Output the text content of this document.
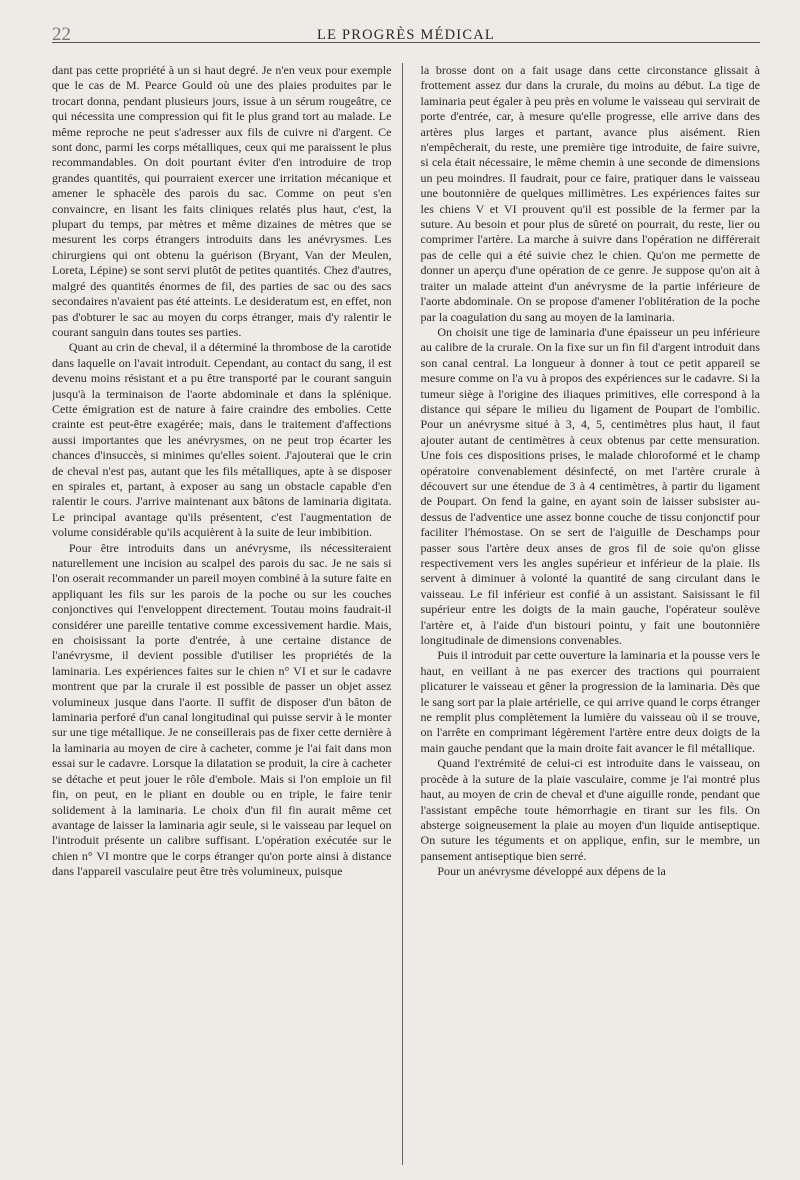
22	LE PROGRÈS MÉDICAL

dant pas cette propriété à un si haut degré. Je n'en veux pour exemple que le cas de M. Pearce Gould où une des plaies produites par le trocart donna, pendant plusieurs jours, issue à un sérum rougeâtre, ce qui nécessita une compression qui fit le plus grand tort au malade. Le même reproche ne peut s'adresser aux fils de cuivre ni d'argent. Ce sont donc, parmi les corps métalliques, ceux qui me paraissent le plus recommandables. On doit pourtant éviter d'en introduire de trop grandes quantités, qui pourraient exercer une irritation mécanique et amener le sphacèle des parois du sac. Comme on peut s'en convaincre, en lisant les faits cliniques relatés plus haut, c'est, la plupart du temps, par mètres et même dizaines de mètres que se mesurent les corps étrangers introduits dans les anévrysmes. Les chirurgiens qui ont obtenu la guérison (Bryant, Van der Meulen, Loreta, Lépine) se sont servi plutôt de petites quantités. Chez d'autres, malgré des quantités énormes de fil, des parties de sac ou des sacs secondaires n'avaient pas été atteints. Le desideratum est, en effet, non pas d'obturer le sac au moyen du corps étranger, mais d'y ralentir le courant sanguin dans toutes ses parties.

Quant au crin de cheval, il a déterminé la thrombose de la carotide dans laquelle on l'avait introduit. Cependant, au contact du sang, il est devenu moins résistant et a pu être transporté par le courant sanguin jusqu'à la terminaison de l'aorte abdominale et dans la splénique. Cette émigration est de nature à faire craindre des embolies. Cette crainte est peut-être exagérée; mais, dans le traitement d'affections aussi importantes que les anévrysmes, on ne peut trop écarter les chances d'insuccès, si minimes qu'elles soient. J'ajouterai que le crin de cheval n'est pas, autant que les fils métalliques, apte à se disposer en spirales et, partant, à exposer au sang un obstacle capable d'en ralentir le cours. J'arrive maintenant aux bâtons de laminaria digitata. Le principal avantage qu'ils présentent, c'est l'augmentation de volume considérable qu'ils acquièrent à la suite de leur imbibition.

Pour être introduits dans un anévrysme, ils nécessiteraient naturellement une incision au scalpel des parois du sac. Je ne sais si l'on oserait recommander un pareil moyen combiné à la suture faite en appliquant les fils sur les parois de la poche ou sur les couches conjonctives qui l'enveloppent directement. Toutau moins faudrait-il considérer une pareille tentative comme excessivement hardie. Mais, en choisissant la porte d'entrée, à une certaine distance de l'anévrysme, il devient possible d'utiliser les propriétés de la laminaria. Les expériences faites sur le chien n° VI et sur le cadavre montrent que par la crurale il est possible de passer un objet assez volumineux jusque dans l'aorte. Il suffit de disposer d'un bâton de laminaria perforé d'un canal longitudinal qui puisse servir à le monter sur une tige métallique. Je ne conseillerais pas de fixer cette dernière à la laminaria au moyen de cire à cacheter, comme je l'ai fait dans mon essai sur le cadavre. Lorsque la dilatation se produit, la cire à cacheter se détache et peut jouer le rôle d'embole. Mais si l'on emploie un fil fin, on peut, en le pliant en double ou en triple, le faire tenir solidement à la laminaria. Le choix d'un fil fin aurait même cet avantage de laisser la laminaria agir seule, si le vaisseau par lequel on l'introduit présente un calibre suffisant. L'opération exécutée sur le chien n° VI montre que le corps étranger qu'on porte ainsi à distance dans l'appareil vasculaire peut être très volumineux, puisque

la brosse dont on a fait usage dans cette circonstance glissait à frottement assez dur dans la crurale, du moins au début. La tige de laminaria peut égaler à peu près en volume le vaisseau qui servirait de porte d'entrée, car, à mesure qu'elle progresse, elle arrive dans des artères plus larges et partant, avance plus aisément. Rien n'empêcherait, du reste, une première tige introduite, de faire suivre, si cela était nécessaire, le même chemin à une seconde de dimensions un peu moindres. Il faudrait, pour ce faire, pratiquer dans le vaisseau une boutonnière de quelques millimètres. Les expériences faites sur les chiens V et VI prouvent qu'il est possible de la fermer par la suture. Au besoin et pour plus de sûreté on pourrait, du reste, lier ou comprimer l'artère. La marche à suivre dans l'opération ne différerait pas de celle qui a été suivie chez le chien. Qu'on me permette de donner un aperçu d'une opération de ce genre. Je suppose qu'on ait à traiter un malade atteint d'un anévrysme de la partie inférieure de l'aorte abdominale. On se propose d'amener l'oblitération de la poche par la coagulation du sang au moyen de la laminaria.

On choisit une tige de laminaria d'une épaisseur un peu inférieure au calibre de la crurale. On la fixe sur un fin fil d'argent introduit dans son canal central. La longueur à donner à tout ce petit appareil se mesure comme on l'a vu à propos des expériences sur le cadavre. Si la tumeur siège à l'origine des iliaques primitives, elle correspond à la distance qui sépare le milieu du ligament de Poupart de l'ombilic. Pour un anévrysme situé à 3, 4, 5, centimètres plus haut, il faut ajouter autant de centimètres à ceux obtenus par cette mensuration. Une fois ces dispositions prises, le malade chloroformé et le champ opératoire convenablement désinfecté, on met l'artère crurale à découvert sur une étendue de 3 à 4 centimètres, à partir du ligament de Poupart. On fend la gaine, en ayant soin de laisser subsister au-dessus de l'adventice une assez bonne couche de tissu conjonctif pour faciliter l'hémostase. On se sert de l'aiguille de Deschamps pour passer sous l'artère deux anses de gros fil de soie qu'on glisse respectivement vers les angles supérieur et inférieur de la plaie. Ils servent à diminuer à volonté la quantité de sang circulant dans le vaisseau. Le fil inférieur est confié à un assistant. Saisissant le fil supérieur entre les doigts de la main gauche, l'opérateur soulève l'artère et, à l'aide d'un bistouri pointu, y fait une boutonnière longitudinale de dimensions convenables.

Puis il introduit par cette ouverture la laminaria et la pousse vers le haut, en veillant à ne pas exercer des tractions qui pourraient plicaturer le vaisseau et gêner la progression de la laminaria. Dès que le sang sort par la plaie artérielle, ce qui arrive quand le corps étranger ne remplit plus complètement la lumière du vaisseau où il se trouve, on l'arrête en comprimant légèrement l'artère entre deux doigts de la main gauche pendant que la main droite fait avancer le fil métallique.

Quand l'extrémité de celui-ci est introduite dans le vaisseau, on procède à la suture de la plaie vasculaire, comme je l'ai montré plus haut, au moyen de crin de cheval et d'une aiguille ronde, pendant que l'assistant empêche toute hémorrhagie en tirant sur les fils. On absterge soigneusement la plaie au moyen d'un liquide antiseptique. On suture les téguments et on applique, enfin, sur le membre, un pansement antiseptique bien serré.

Pour un anévrysme développé aux dépens de la
